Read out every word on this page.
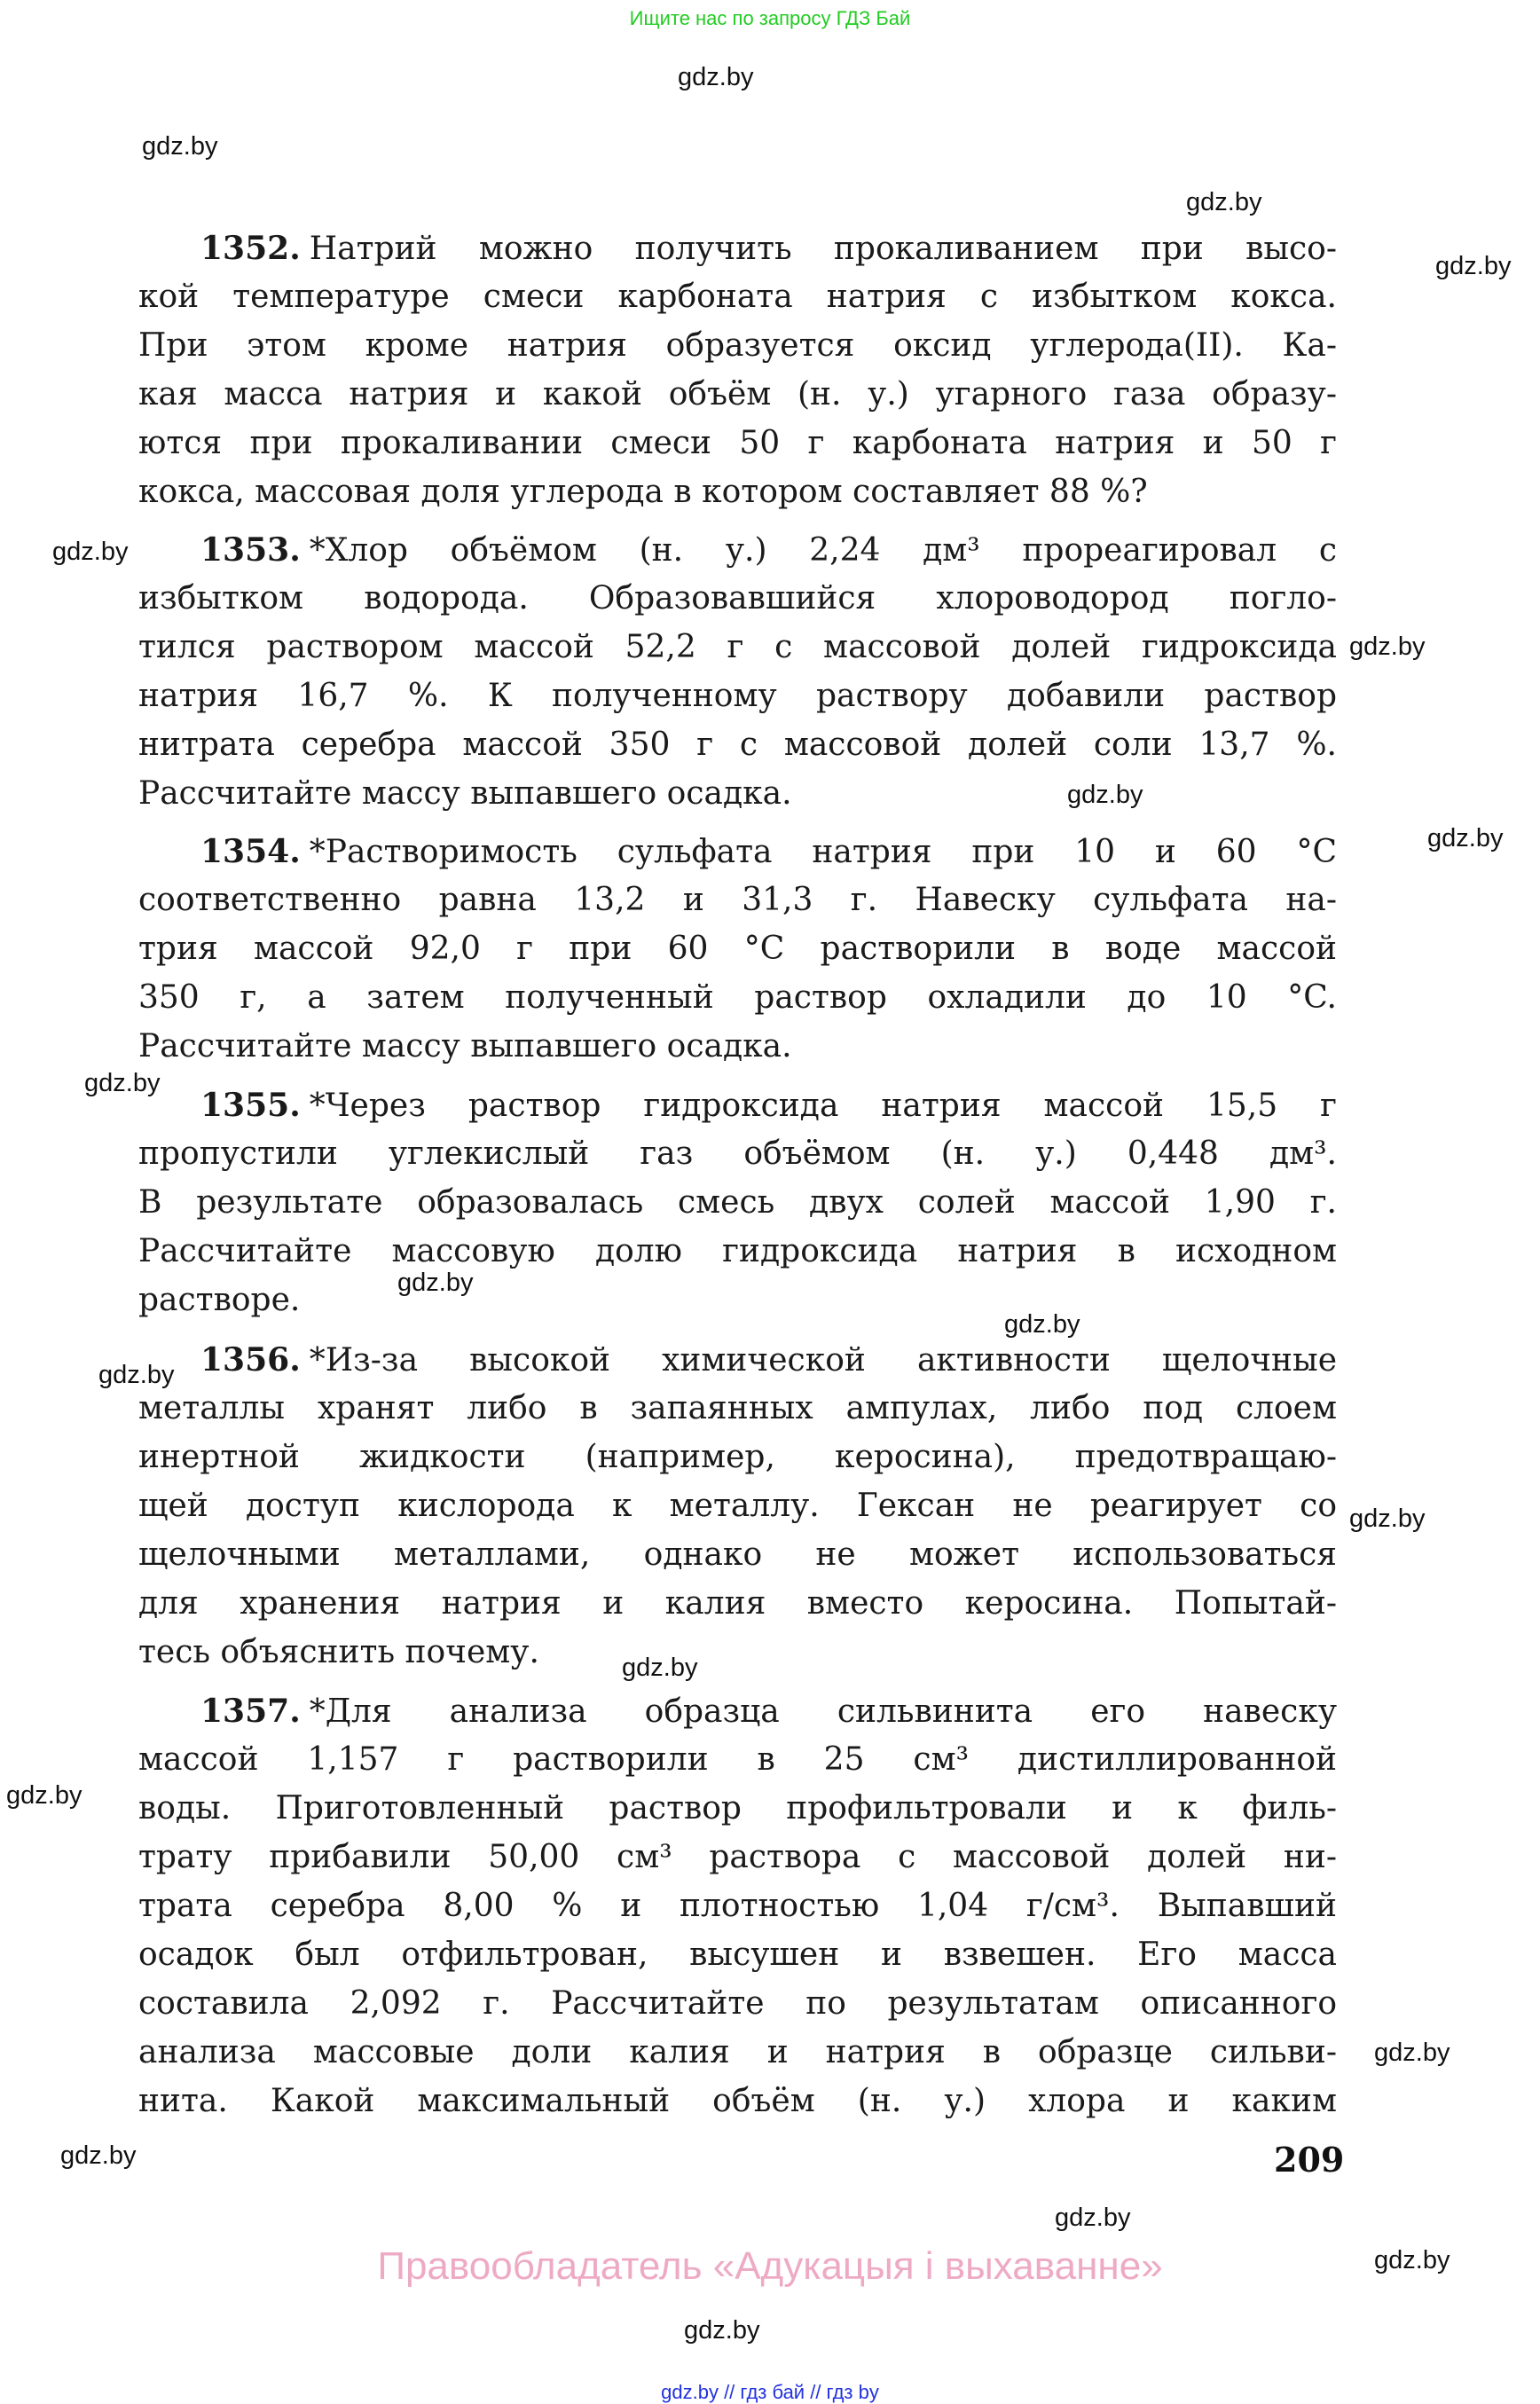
Ищите нас по запросу ГДЗ Бай
gdz.by
gdz.by
gdz.by
gdz.by
gdz.by
gdz.by
gdz.by
gdz.by
gdz.by
gdz.by
gdz.by
gdz.by
gdz.by
gdz.by
gdz.by
gdz.by
gdz.by
gdz.by
gdz.by
gdz.by
1352. Натрий можно получить прокаливанием при высо-
кой температуре смеси карбоната натрия с избытком кокса.
При этом кроме натрия образуется оксид углерода(II). Ка-
кая масса натрия и какой объём (н. у.) угарного газа образу-
ются при прокаливании смеси 50 г карбоната натрия и 50 г
кокса, массовая доля углерода в котором составляет 88 %?
1353. *Хлор объёмом (н. у.) 2,24 дм³ прореагировал с
избытком водорода. Образовавшийся хлороводород погло-
тился раствором массой 52,2 г с массовой долей гидроксида
натрия 16,7 %. К полученному раствору добавили раствор
нитрата серебра массой 350 г с массовой долей соли 13,7 %.
Рассчитайте массу выпавшего осадка.
1354. *Растворимость сульфата натрия при 10 и 60 °C
соответственно равна 13,2 и 31,3 г. Навеску сульфата на-
трия массой 92,0 г при 60 °C растворили в воде массой
350 г, а затем полученный раствор охладили до 10 °C.
Рассчитайте массу выпавшего осадка.
1355. *Через раствор гидроксида натрия массой 15,5 г
пропустили углекислый газ объёмом (н. у.) 0,448 дм³.
В результате образовалась смесь двух солей массой 1,90 г.
Рассчитайте массовую долю гидроксида натрия в исходном
растворе.
1356. *Из-за высокой химической активности щелочные
металлы хранят либо в запаянных ампулах, либо под слоем
инертной жидкости (например, керосина), предотвращаю-
щей доступ кислорода к металлу. Гексан не реагирует со
щелочными металлами, однако не может использоваться
для хранения натрия и калия вместо керосина. Попытай-
тесь объяснить почему.
1357. *Для анализа образца сильвинита его навеску
массой 1,157 г растворили в 25 см³ дистиллированной
воды. Приготовленный раствор профильтровали и к филь-
трату прибавили 50,00 см³ раствора с массовой долей ни-
трата серебра 8,00 % и плотностью 1,04 г/см³. Выпавший
осадок был отфильтрован, высушен и взвешен. Его масса
составила 2,092 г. Рассчитайте по результатам описанного
анализа массовые доли калия и натрия в образце сильви-
нита. Какой максимальный объём (н. у.) хлора и каким
209
Правообладатель «Адукацыя і выхаванне»
gdz.by // гдз бай // гдз by
